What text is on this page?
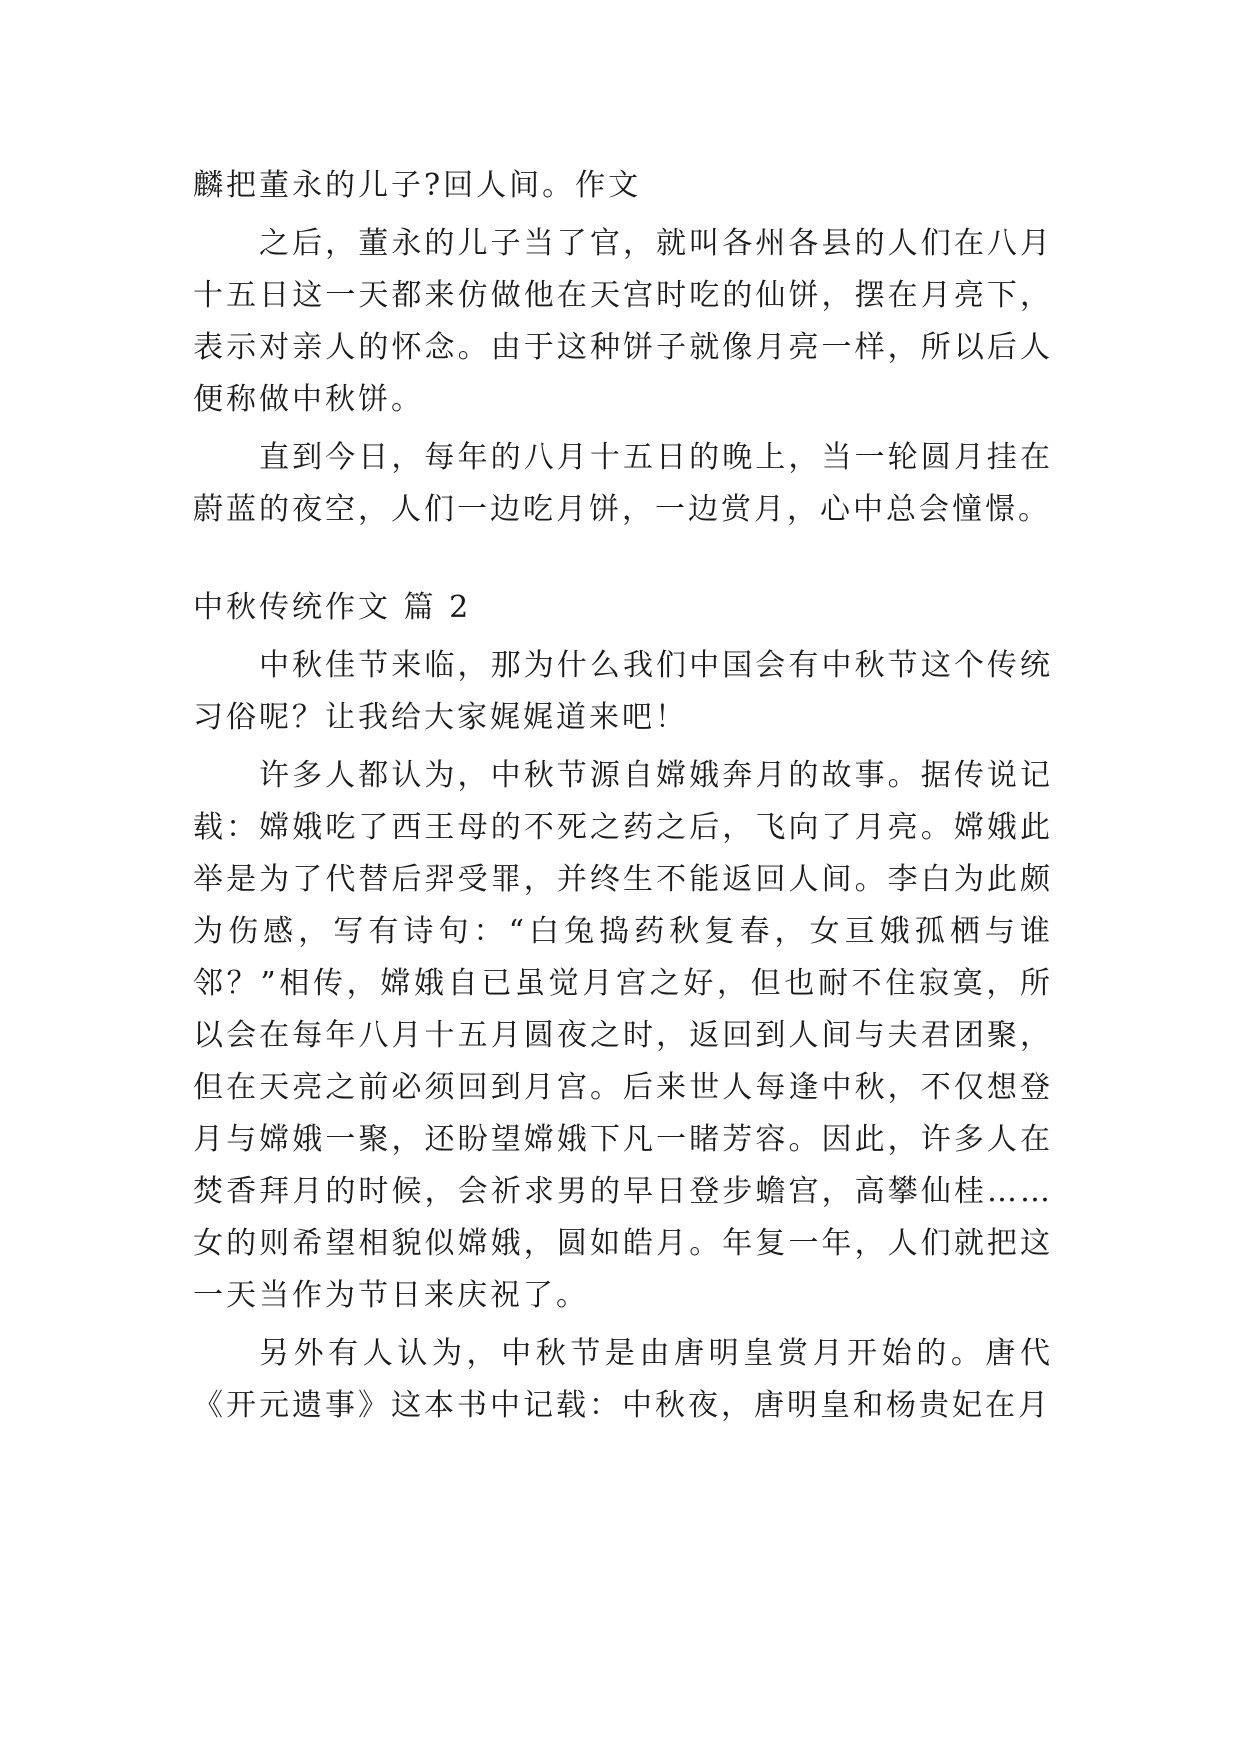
麟把董永的儿子?回人间。作文

之后，董永的儿子当了官，就叫各州各县的人们在八月十五日这一天都来仿做他在天宫时吃的仙饼，摆在月亮下，表示对亲人的怀念。由于这种饼子就像月亮一样，所以后人便称做中秋饼。

直到今日，每年的八月十五日的晚上，当一轮圆月挂在蔚蓝的夜空，人们一边吃月饼，一边赏月，心中总会憧憬。

中秋传统作文 篇 2

中秋佳节来临，那为什么我们中国会有中秋节这个传统习俗呢？让我给大家娓娓道来吧！

许多人都认为，中秋节源自嫦娥奔月的故事。据传说记载：嫦娥吃了西王母的不死之药之后，飞向了月亮。嫦娥此举是为了代替后羿受罪，并终生不能返回人间。李白为此颇为伤感，写有诗句：“白兔捣药秋复春，女亘娥孤栖与谁邻？”相传，嫦娥自已虽觉月宫之好，但也耐不住寂寞，所以会在每年八月十五月圆夜之时，返回到人间与夫君团聚，但在天亮之前必须回到月宫。后来世人每逢中秋，不仅想登月与嫦娥一聚，还盼望嫦娥下凡一睹芳容。因此，许多人在焚香拜月的时候，会祈求男的早日登步蟾宫，高攀仙桂……女的则希望相貌似嫦娥，圆如皓月。年复一年，人们就把这一天当作为节日来庆祝了。

另外有人认为，中秋节是由唐明皇赏月开始的。唐代《开元遗事》这本书中记载：中秋夜，唐明皇和杨贵妃在月
